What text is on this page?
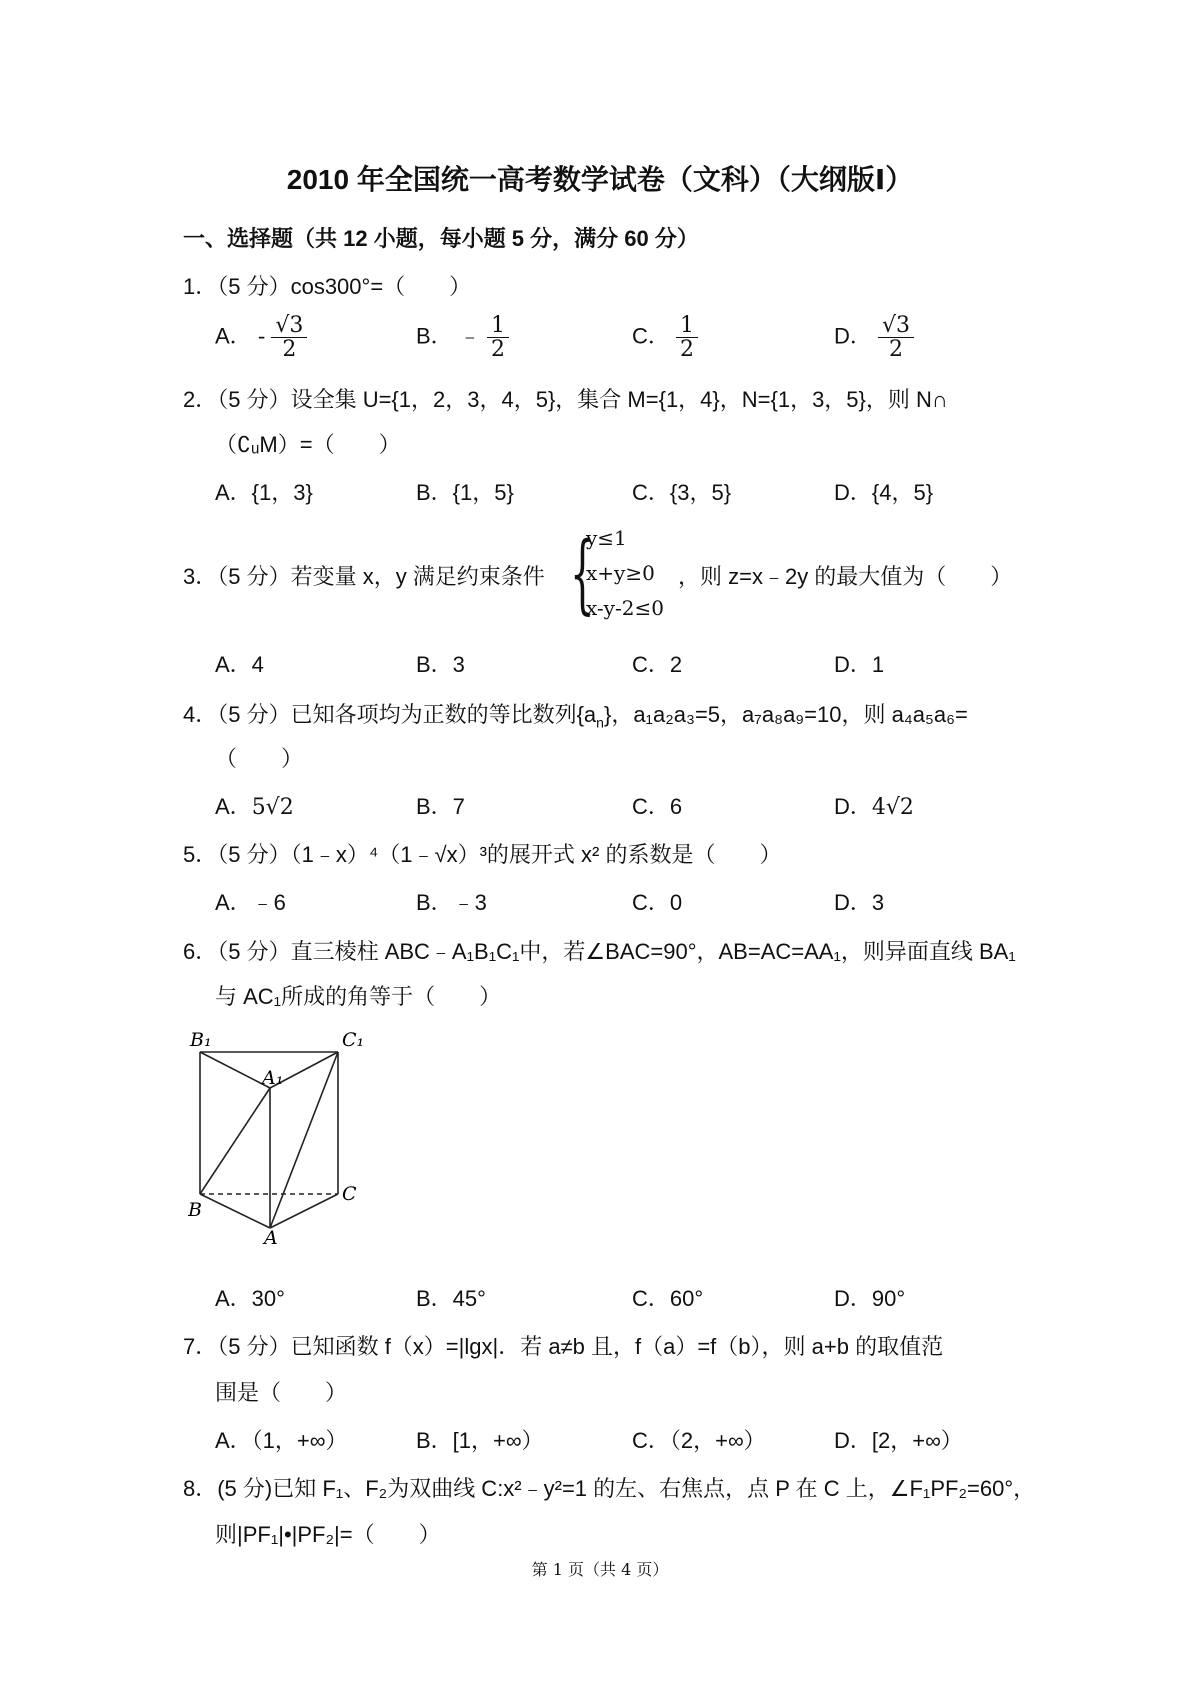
2010 年全国统一高考数学试卷（文科）（大纲版Ⅰ）
一、选择题（共 12 小题，每小题 5 分，满分 60 分）
1．（5 分）cos300°=（　　）
A． - $\frac{√3}{2}$	B． ﹣ $\frac{1}{2}$	C． $\frac{1}{2}$	D． $\frac{√3}{2}$
2．（5 分）设全集 U={1，2，3，4，5}，集合 M={1，4}，N={1，3，5}，则 N∩
（∁ᵤM）=（　　）
A．{1，3}	B．{1，5}	C．{3，5}	D．{4，5}
3．（5 分）若变量 x，y 满足约束条件 {
y≤1
x+y≥0
x-y-2≤0
，则 z=x﹣2y 的最大值为（　　）
A．4	B．3	C．2	D．1
4．（5 分）已知各项均为正数的等比数列$\{a_n\}$，a₁a₂a₃=5，a₇a₈a₉=10，则 a₄a₅a₆=
（　　）
A．5√2	B．7	C．6	D．4√2
5．（5 分）（1﹣x）⁴（1﹣√x）³的展开式 x² 的系数是（　　）
A．﹣6	B．﹣3	C．0	D．3
6．（5 分）直三棱柱 ABC﹣A₁B₁C₁中，若∠BAC=90°，AB=AC=AA₁，则异面直线 BA₁
与 AC₁所成的角等于（　　）
B₁	C₁
A₁
B
C
A
A．30°	B．45°	C．60°	D．90°
7．（5 分）已知函数 f（x）=|lgx|．若 a≠b 且，f（a）=f（b），则 a+b 的取值范
围是（　　）
A．（1，+∞）	B．[1，+∞）	C．（2，+∞）	D．[2，+∞）
8．(5 分)已知 F₁、F₂为双曲线 C:x²﹣y²=1 的左、右焦点，点 P 在 C 上，∠F₁PF₂=60°，
则|PF₁|•|PF₂|=（　　）
第 1 页（共 4 页）
